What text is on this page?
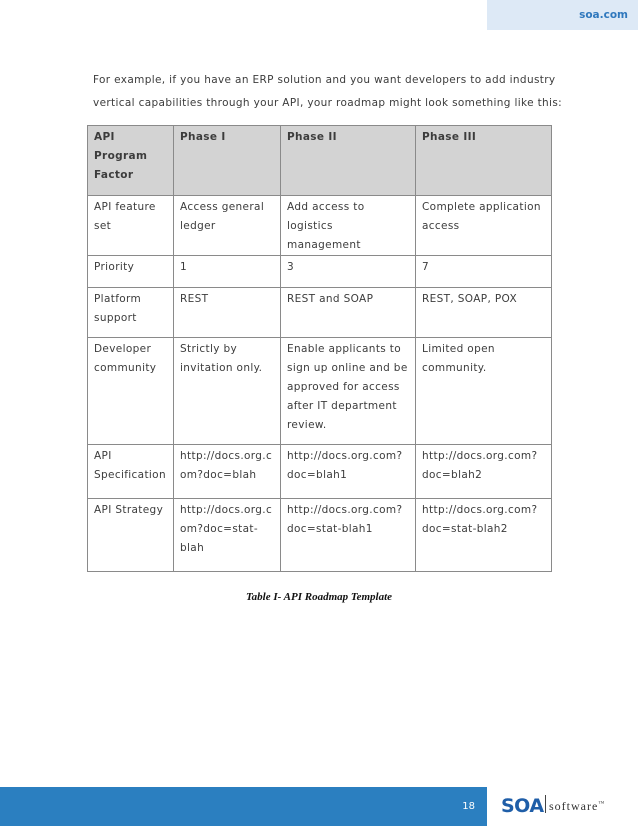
soa.com
For example, if you have an ERP solution and you want developers to add industry
vertical capabilities through your API, your roadmap might look something like this:
API Program Factor	Phase I	Phase II	Phase III
API feature set	Access general ledger	Add access to logistics management	Complete application access
Priority	1	3	7
Platform support	REST	REST and SOAP	REST, SOAP, POX
Developer community	Strictly by invitation only.	Enable applicants to sign up online and be approved for access after IT department review.	Limited open community.
API Specification	http://docs.org.com?doc=blah	http://docs.org.com?doc=blah1	http://docs.org.com?doc=blah2
API Strategy	http://docs.org.com?doc=stat-blah	http://docs.org.com?doc=stat-blah1	http://docs.org.com?doc=stat-blah2
Table I- API Roadmap Template
18 SOA software™
